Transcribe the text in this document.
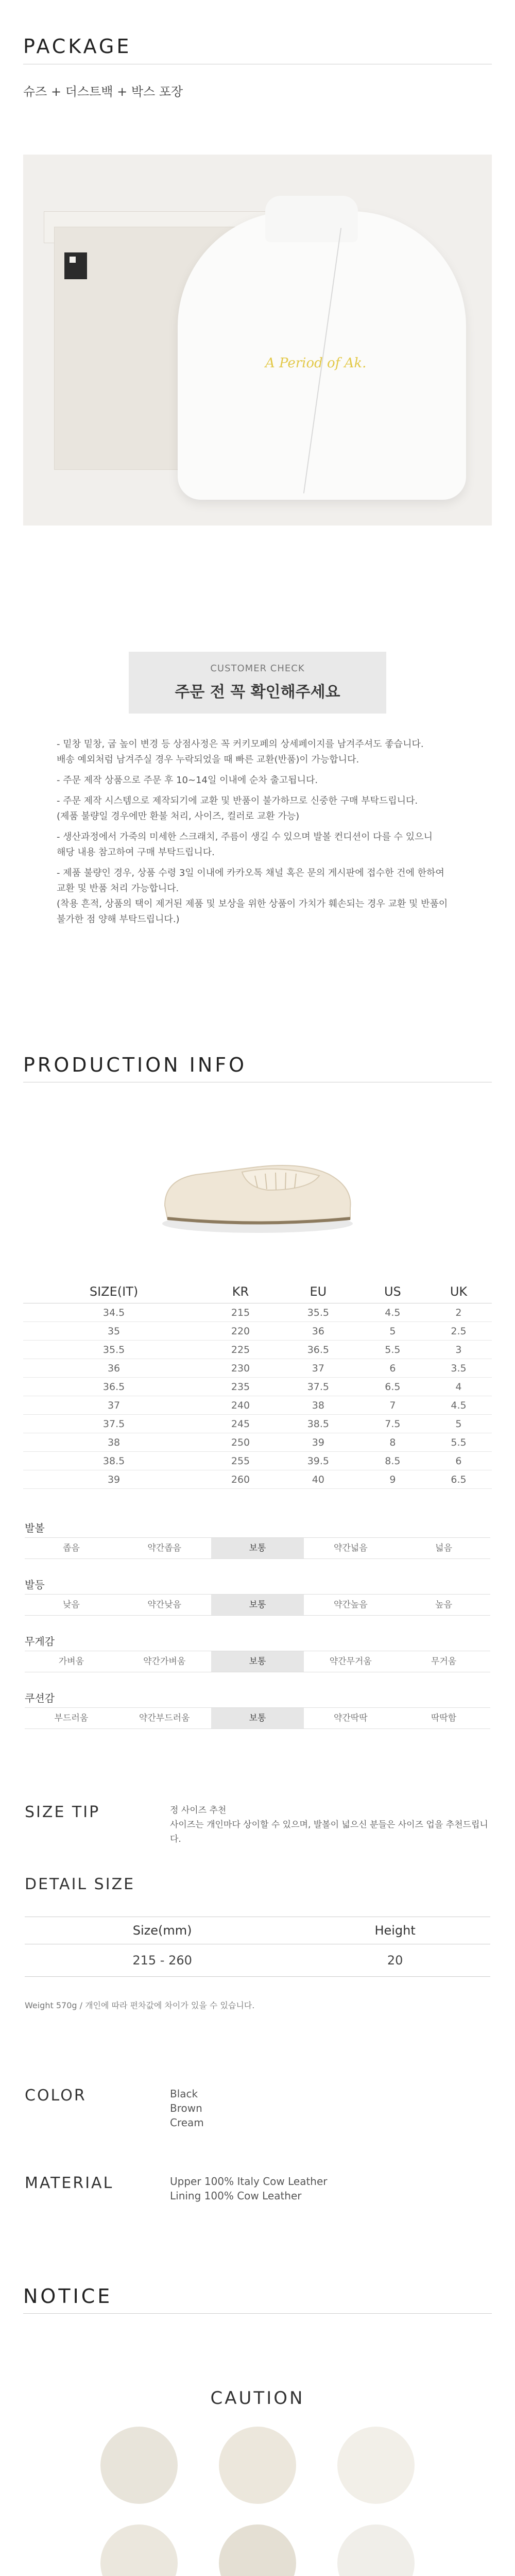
PACKAGE
슈즈 + 더스트백 + 박스 포장
A Period of Ak.
CUSTOMER CHECK
주문 전 꼭 확인해주세요
- 밑창 밑창, 굽 높이 변경 등 상점사정은 꼭 커키모페의 상세페이지를 남겨주셔도 좋습니다.
배송 예외처럼 남겨주실 경우 누락되었을 때 빠른 교환(반품)이 가능합니다.
- 주문 제작 상품으로 주문 후 10~14일 이내에 순차 출고됩니다.
- 주문 제작 시스템으로 제작되기에 교환 및 반품이 불가하므로 신중한 구매 부탁드립니다.
(제품 불량일 경우에만 환불 처리, 사이즈, 컬러로 교환 가능)
- 생산과정에서 가죽의 미세한 스크래치, 주름이 생길 수 있으며 발볼 컨디션이 다를 수 있으니
해당 내용 참고하여 구매 부탁드립니다.
- 제품 불량인 경우, 상품 수령 3일 이내에 카카오톡 채널 혹은 문의 게시판에 접수한 건에 한하여
교환 및 반품 처리 가능합니다.
(착용 흔적, 상품의 택이 제거된 제품 및 보상을 위한 상품이 가치가 훼손되는 경우 교환 및 반품이
불가한 점 양해 부탁드립니다.)
PRODUCTION INFO
SIZE(IT)	KR	EU	US	UK
34.5	215	35.5	4.5	2
35	220	36	5	2.5
35.5	225	36.5	5.5	3
36	230	37	6	3.5
36.5	235	37.5	6.5	4
37	240	38	7	4.5
37.5	245	38.5	7.5	5
38	250	39	8	5.5
38.5	255	39.5	8.5	6
39	260	40	9	6.5
발볼
좁음	약간좁음	보통	약간넓음	넓음
발등
낮음	약간낮음	보통	약간높음	높음
무게감
가벼움	약간가벼움	보통	약간무거움	무거움
쿠션감
부드러움	약간부드러움	보통	약간딱딱	딱딱함
SIZE TIP	정 사이즈 추천
사이즈는 개인마다 상이할 수 있으며, 발볼이 넓으신 분들은 사이즈 업을 추천드립니다.
DETAIL SIZE
Size(mm)	Height
215 - 260	20
Weight 570g / 개인에 따라 편차값에 차이가 있을 수 있습니다.
COLOR	Black
Brown
Cream
MATERIAL	Upper 100% Italy Cow Leather
Lining 100% Cow Leather
NOTICE
CAUTION
